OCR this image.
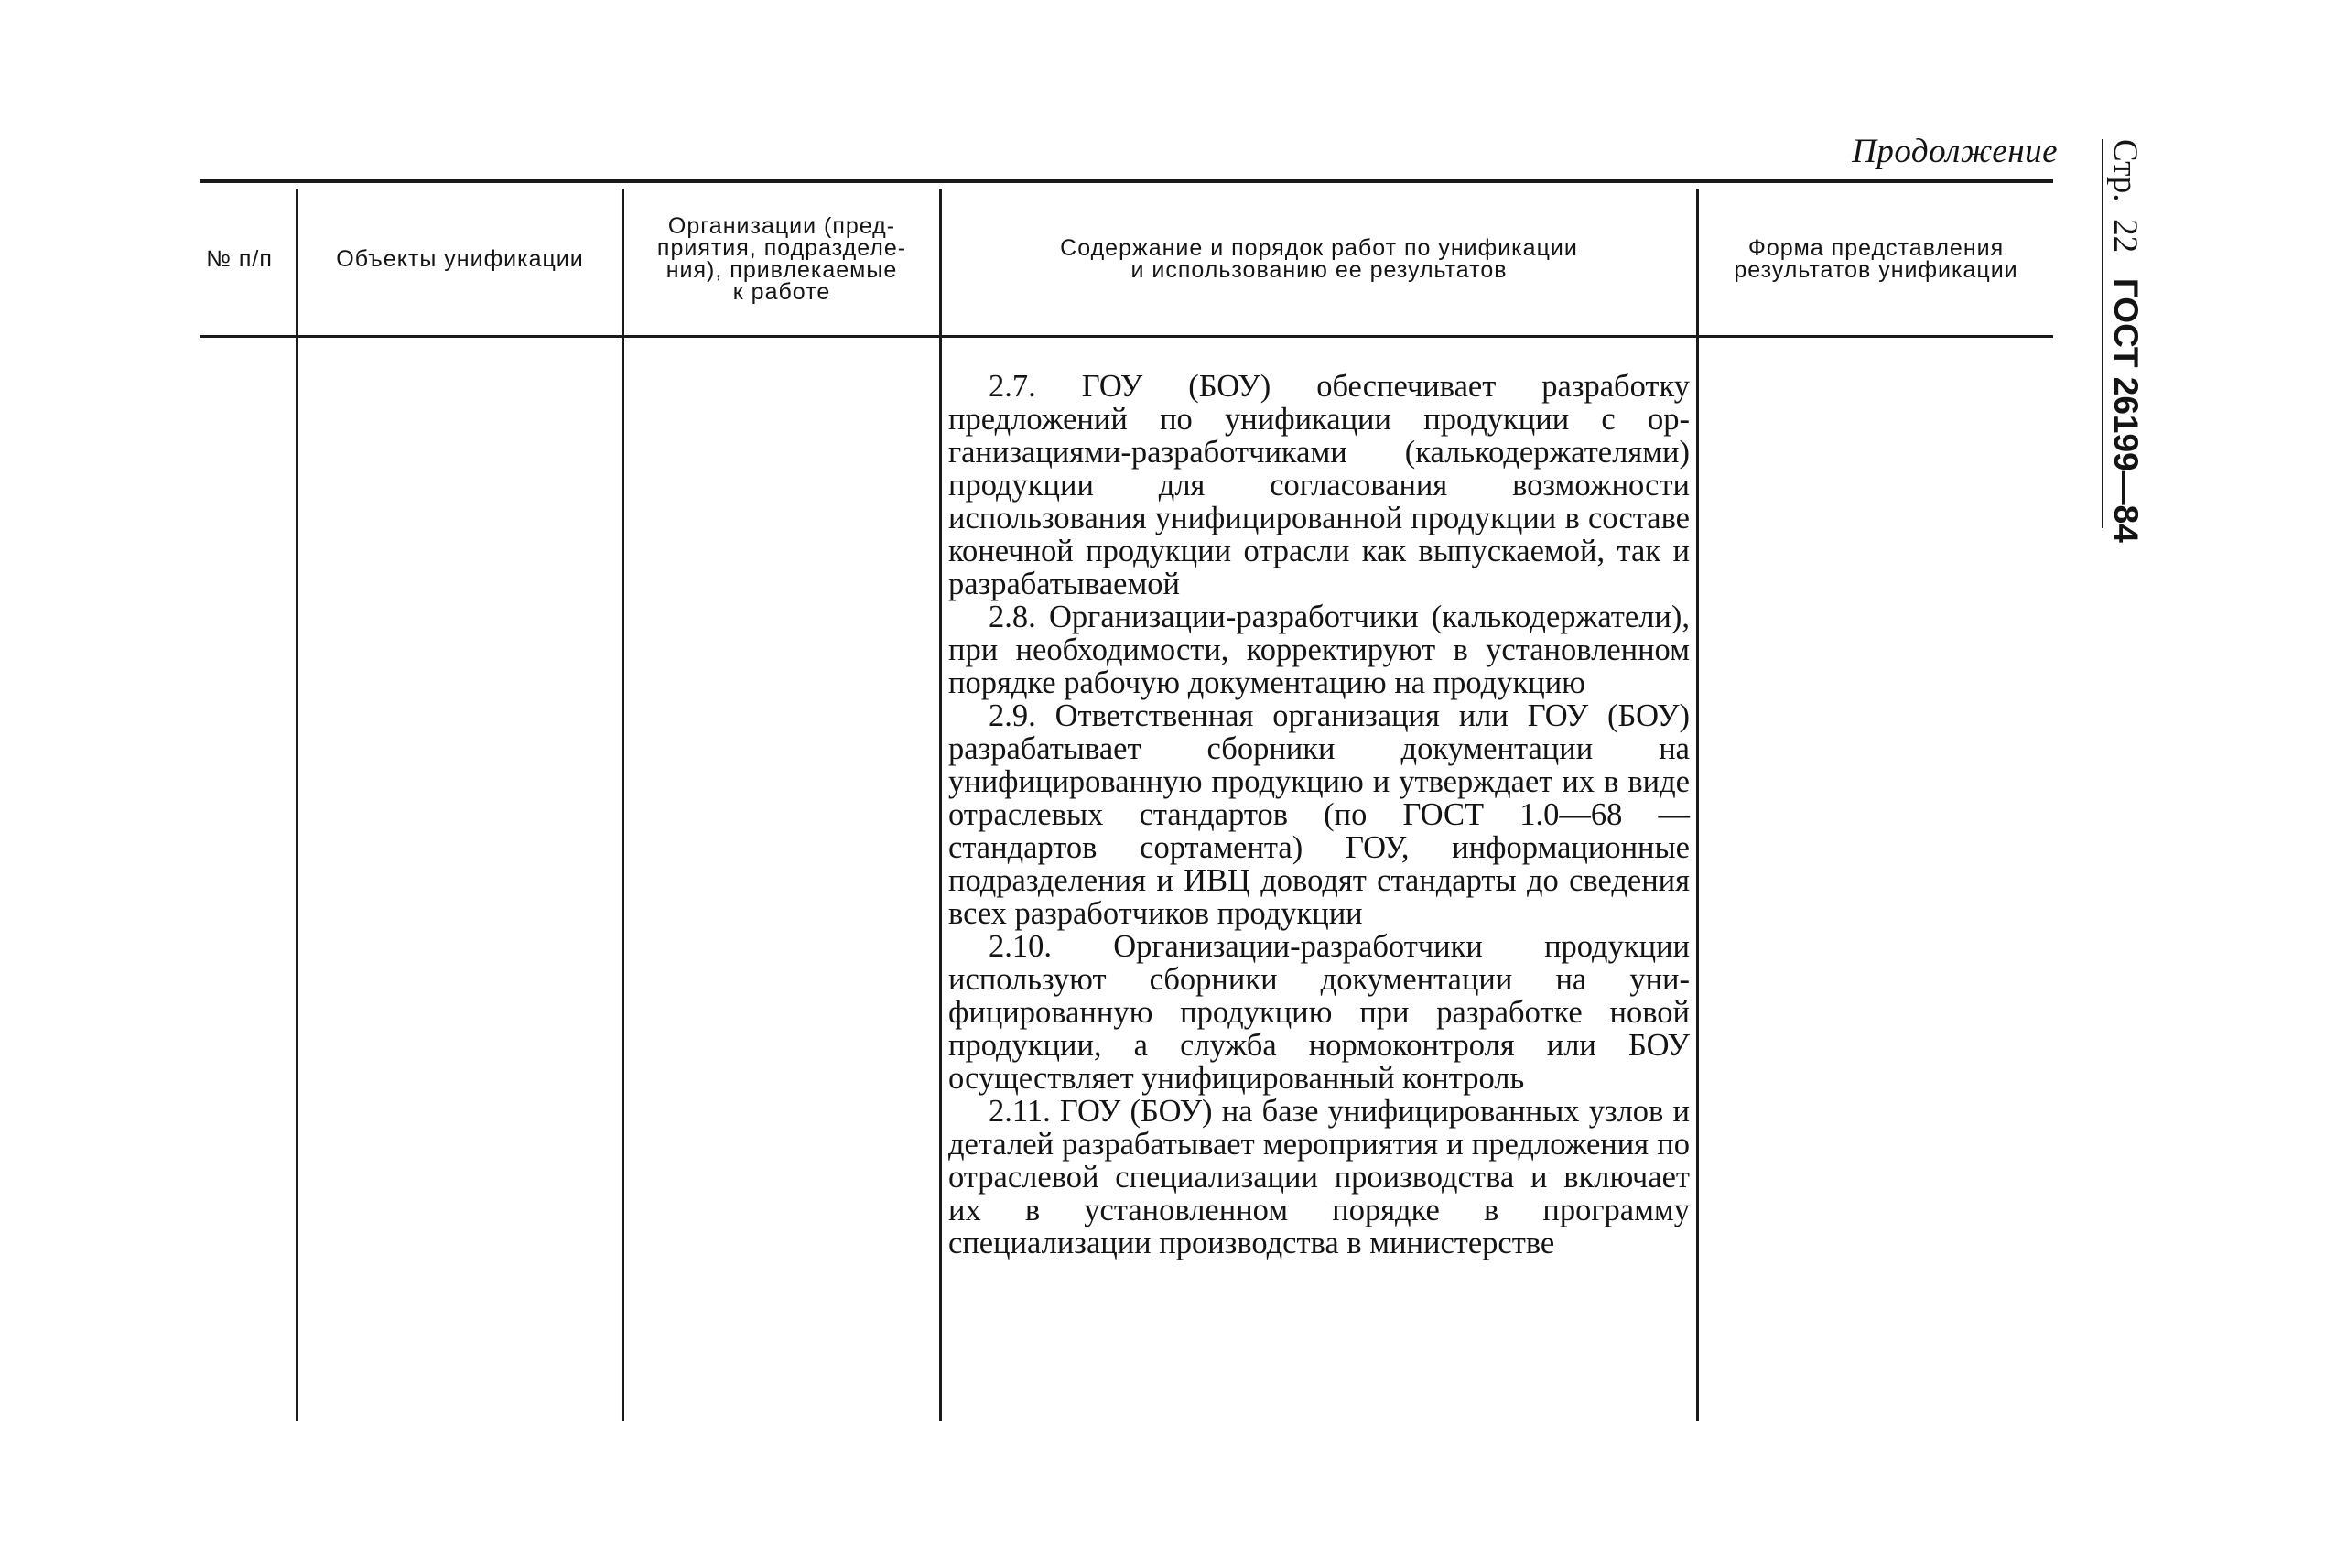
Продолжение Стр.  22   ГОСТ 26199—84
№ п/п	Объекты унификации
Организации (пред-
приятия, подразделе-
ния), привлекаемые
к работе
Содержание и порядок работ по унификации
и использованию ее результатов
Форма представления
результатов унификации

2.7. ГОУ (БОУ) обеспечивает разработку предложений по унификации продукции с организациями-разработчиками (калькодержателями) продукции для согласования возможности использования унифицированной продукции в составе конечной продукции отрасли как выпускаемой, так и разрабатываемой

2.8. Организации-разработчики (калькодержатели), при необходимости, корректируют в установленном порядке рабочую документацию на продукцию

2.9. Ответственная организация или ГОУ (БОУ) разрабатывает сборники документации на унифицированную продукцию и утверждает их в виде отраслевых стандартов (по ГОСТ 1.0—68 — стандартов сортамента) ГОУ, информационные подразделения и ИВЦ доводят стандарты до сведения всех разработчиков продукции

2.10. Организации-разработчики продукции используют сборники документации на унифицированную продукцию при разработке новой продукции, а служба нормоконтроля или БОУ осуществляет унифицированный контроль

2.11. ГОУ (БОУ) на базе унифицированных узлов и деталей разрабатывает мероприятия и предложения по отраслевой специализации производства и включает их в установленном порядке в программу специализации производства в министерстве
